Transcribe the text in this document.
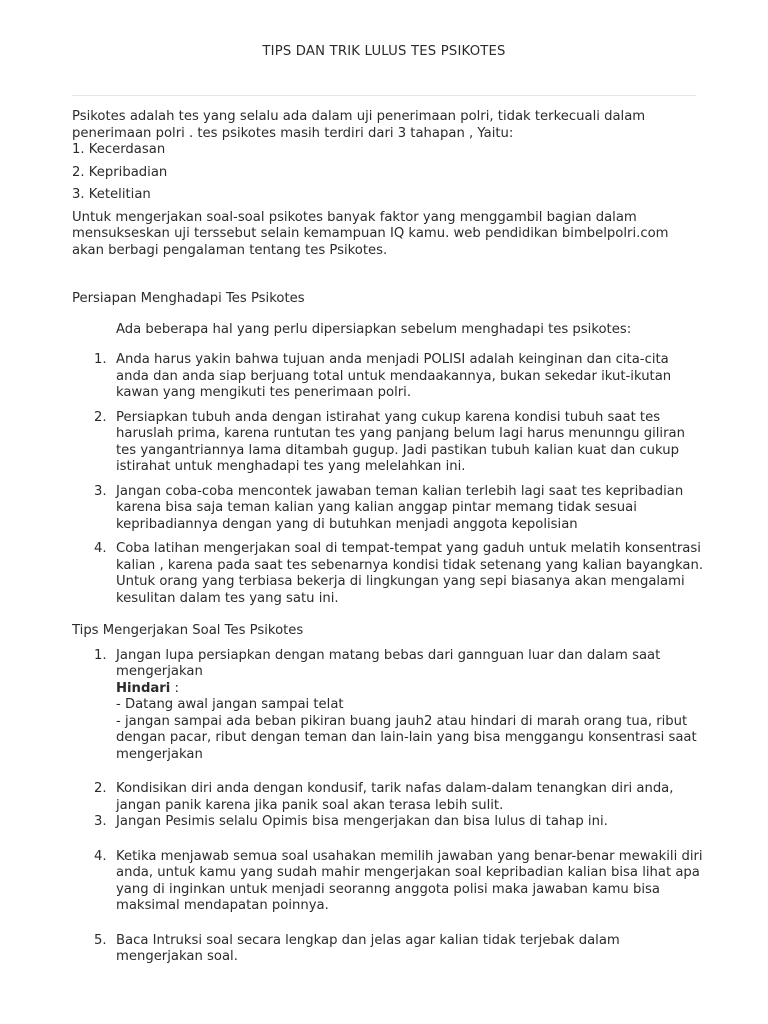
TIPS DAN TRIK LULUS TES PSIKOTES

Psikotes adalah tes yang selalu ada dalam uji penerimaan polri, tidak terkecuali dalam penerimaan polri . tes psikotes masih terdiri dari 3 tahapan , Yaitu:

1. Kecerdasan

2. Kepribadian

3. Ketelitian

Untuk mengerjakan soal-soal psikotes banyak faktor yang menggambil bagian dalam mensukseskan uji terssebut selain kemampuan IQ kamu. web pendidikan bimbelpolri.com akan berbagi pengalaman tentang tes Psikotes.

Persiapan Menghadapi Tes Psikotes

Ada beberapa hal yang perlu dipersiapkan sebelum menghadapi tes psikotes:

1. Anda harus yakin bahwa tujuan anda menjadi POLISI adalah keinginan dan cita-cita anda dan anda siap berjuang total untuk mendaakannya, bukan sekedar ikut-ikutan kawan yang mengikuti tes penerimaan polri.
2. Persiapkan tubuh anda dengan istirahat yang cukup karena kondisi tubuh saat tes haruslah prima, karena runtutan tes yang panjang belum lagi harus menunngu giliran tes yangantriannya lama ditambah gugup. Jadi pastikan tubuh kalian kuat dan cukup istirahat untuk menghadapi tes yang melelahkan ini.
3. Jangan coba-coba mencontek jawaban teman kalian terlebih lagi saat tes kepribadian karena bisa saja teman kalian yang kalian anggap pintar memang tidak sesuai kepribadiannya dengan yang di butuhkan menjadi anggota kepolisian
4. Coba latihan mengerjakan soal di tempat-tempat yang gaduh untuk melatih konsentrasi kalian , karena pada saat tes sebenarnya kondisi tidak setenang yang kalian bayangkan. Untuk orang yang terbiasa bekerja di lingkungan yang sepi biasanya akan mengalami kesulitan dalam tes yang satu ini.

Tips Mengerjakan Soal Tes Psikotes

1. Jangan lupa persiapkan dengan matang bebas dari gannguan luar dan dalam saat mengerjakan
Hindari :
- Datang awal jangan sampai telat
- jangan sampai ada beban pikiran buang jauh2 atau hindari di marah orang tua, ribut dengan pacar, ribut dengan teman dan lain-lain yang bisa menggangu konsentrasi saat mengerjakan
2. Kondisikan diri anda dengan kondusif, tarik nafas dalam-dalam tenangkan diri anda, jangan panik karena jika panik soal akan terasa lebih sulit.
3. Jangan Pesimis selalu Opimis bisa mengerjakan dan bisa lulus di tahap ini.
4. Ketika menjawab semua soal usahakan memilih jawaban yang benar-benar mewakili diri anda, untuk kamu yang sudah mahir mengerjakan soal kepribadian kalian bisa lihat apa yang di inginkan untuk menjadi seoranng anggota polisi maka jawaban kamu bisa maksimal mendapatan poinnya.
5. Baca Intruksi soal secara lengkap dan jelas agar kalian tidak terjebak dalam mengerjakan soal.
